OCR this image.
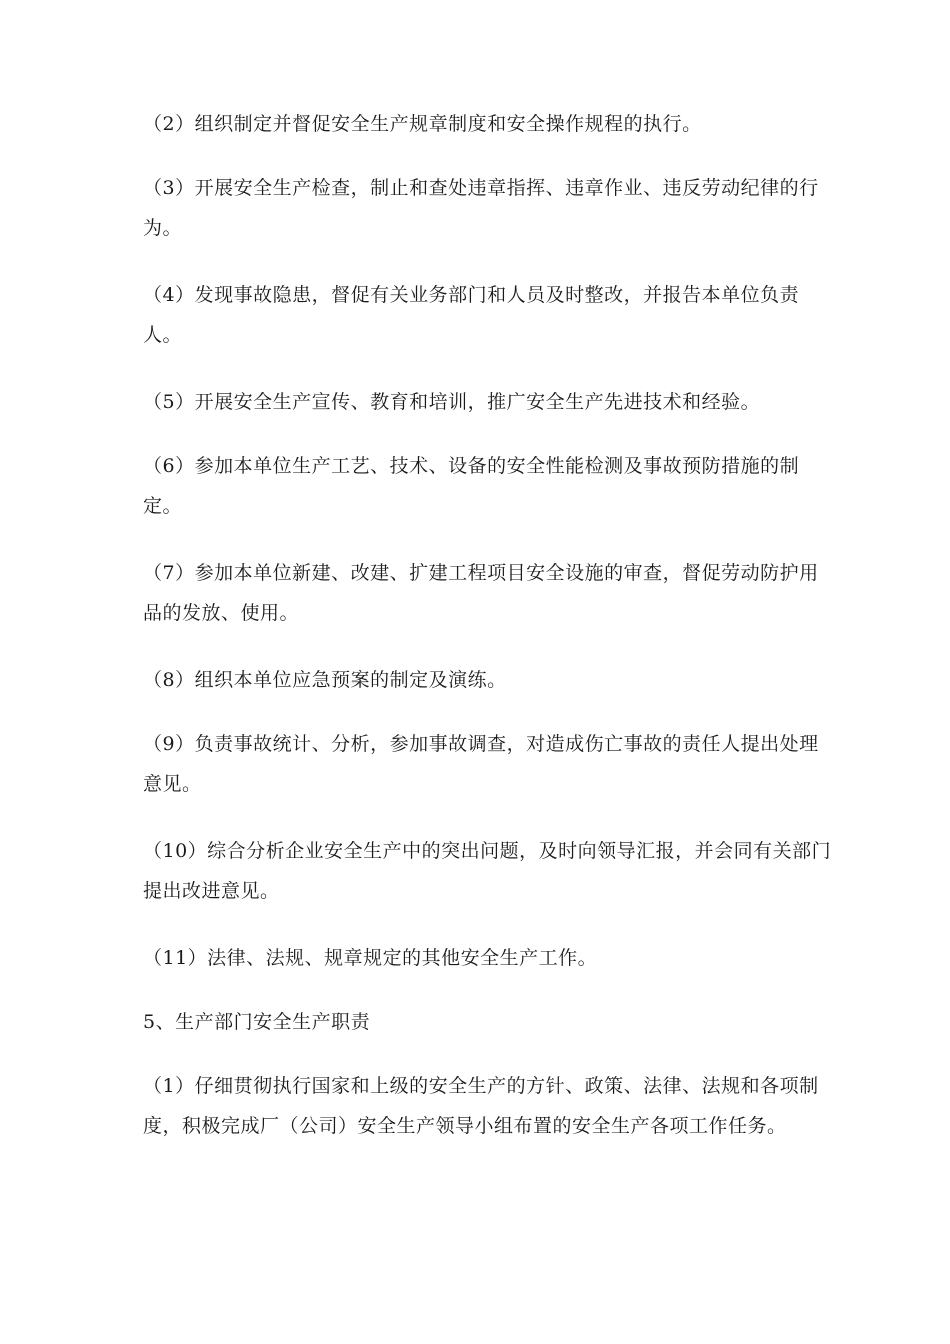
（2）组织制定并督促安全生产规章制度和安全操作规程的执行。

（3）开展安全生产检查，制止和查处违章指挥、违章作业、违反劳动纪律的行为。

（4）发现事故隐患，督促有关业务部门和人员及时整改，并报告本单位负责人。

（5）开展安全生产宣传、教育和培训，推广安全生产先进技术和经验。

（6）参加本单位生产工艺、技术、设备的安全性能检测及事故预防措施的制定。

（7）参加本单位新建、改建、扩建工程项目安全设施的审查，督促劳动防护用品的发放、使用。

（8）组织本单位应急预案的制定及演练。

（9）负责事故统计、分析，参加事故调查，对造成伤亡事故的责任人提出处理意见。

（10）综合分析企业安全生产中的突出问题，及时向领导汇报，并会同有关部门提出改进意见。

（11）法律、法规、规章规定的其他安全生产工作。

5、生产部门安全生产职责

（1）仔细贯彻执行国家和上级的安全生产的方针、政策、法律、法规和各项制度，积极完成厂（公司）安全生产领导小组布置的安全生产各项工作任务。
